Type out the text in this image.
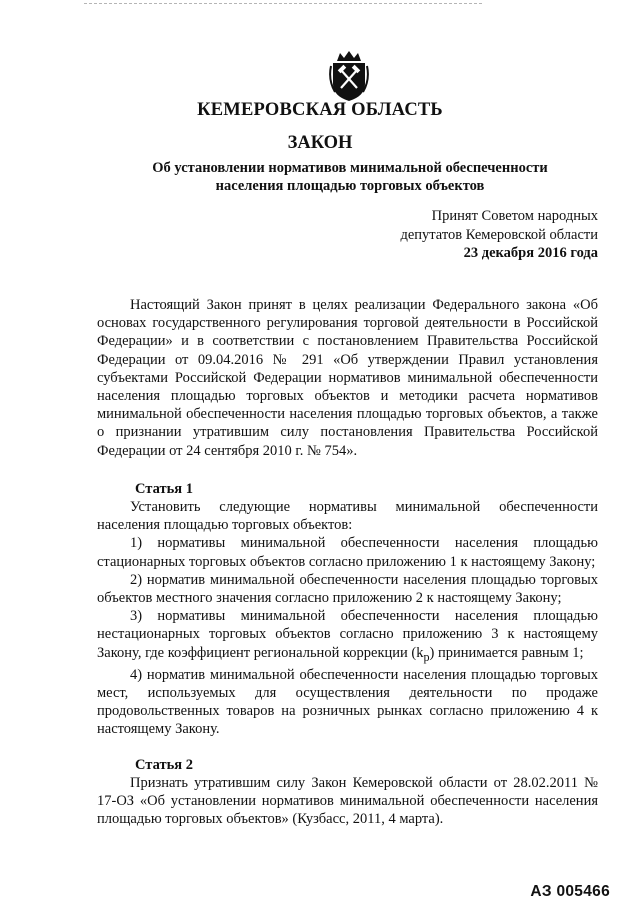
КЕМЕРОВСКАЯ ОБЛАСТЬ
ЗАКОН
Об установлении нормативов минимальной обеспеченности
населения площадью торговых объектов
Принят Советом народных
депутатов Кемеровской области
23 декабря 2016 года

Настоящий Закон принят в целях реализации Федерального закона «Об основах государственного регулирования торговой деятельности в Российской Федерации» и в соответствии с постановлением Правительства Российской Федерации от 09.04.2016 № 291 «Об утверждении Правил установления субъектами Российской Федерации нормативов минимальной обеспеченности населения площадью торговых объектов и методики расчета нормативов минимальной обеспеченности населения площадью торговых объектов, а также о признании утратившим силу постановления Правительства Российской Федерации от 24 сентября 2010 г. № 754».

Статья 1

Установить следующие нормативы минимальной обеспеченности населения площадью торговых объектов:

1) нормативы минимальной обеспеченности населения площадью стационарных торговых объектов согласно приложению 1 к настоящему Закону;

2) норматив минимальной обеспеченности населения площадью торговых объектов местного значения согласно приложению 2 к настоящему Закону;

3) нормативы минимальной обеспеченности населения площадью нестационарных торговых объектов согласно приложению 3 к настоящему Закону, где коэффициент региональной коррекции $(k_р)$ принимается равным 1;

4) норматив минимальной обеспеченности населения площадью торговых мест, используемых для осуществления деятельности по продаже продовольственных товаров на розничных рынках согласно приложению 4 к настоящему Закону.

Статья 2

Признать утратившим силу Закон Кемеровской области от 28.02.2011 № 17-ОЗ «Об установлении нормативов минимальной обеспеченности населения площадью торговых объектов» (Кузбасс, 2011, 4 марта).

АЗ 005466
